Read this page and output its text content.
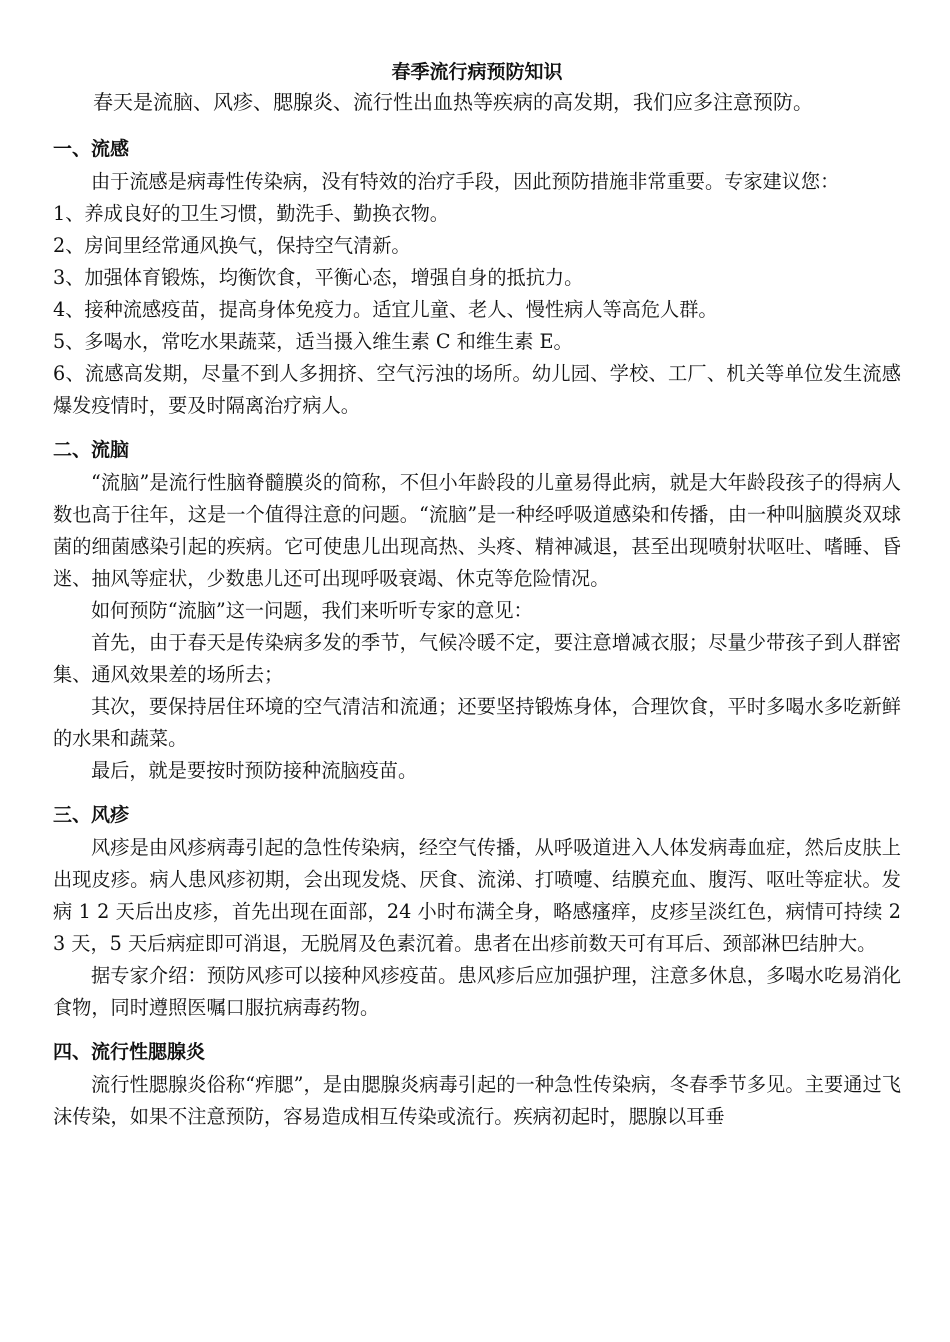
春季流行病预防知识
春天是流脑、风疹、腮腺炎、流行性出血热等疾病的高发期，我们应多注意预防。
一、流感
由于流感是病毒性传染病，没有特效的治疗手段，因此预防措施非常重要。专家建议您：
1、养成良好的卫生习惯，勤洗手、勤换衣物。
2、房间里经常通风换气，保持空气清新。
3、加强体育锻炼，均衡饮食，平衡心态，增强自身的抵抗力。
4、接种流感疫苗，提高身体免疫力。适宜儿童、老人、慢性病人等高危人群。
5、多喝水，常吃水果蔬菜，适当摄入维生素 C 和维生素 E。
6、流感高发期，尽量不到人多拥挤、空气污浊的场所。幼儿园、学校、工厂、机关等单位发生流感爆发疫情时，要及时隔离治疗病人。
二、流脑
“流脑”是流行性脑脊髓膜炎的简称，不但小年龄段的儿童易得此病，就是大年龄段孩子的得病人数也高于往年，这是一个值得注意的问题。“流脑”是一种经呼吸道感染和传播，由一种叫脑膜炎双球菌的细菌感染引起的疾病。它可使患儿出现高热、头疼、精神减退，甚至出现喷射状呕吐、嗜睡、昏迷、抽风等症状，少数患儿还可出现呼吸衰竭、休克等危险情况。
如何预防“流脑”这一问题，我们来听听专家的意见：
首先，由于春天是传染病多发的季节，气候冷暖不定，要注意增减衣服；尽量少带孩子到人群密集、通风效果差的场所去；
其次，要保持居住环境的空气清洁和流通；还要坚持锻炼身体，合理饮食，平时多喝水多吃新鲜的水果和蔬菜。
最后，就是要按时预防接种流脑疫苗。
三、风疹
风疹是由风疹病毒引起的急性传染病，经空气传播，从呼吸道进入人体发病毒血症，然后皮肤上出现皮疹。病人患风疹初期，会出现发烧、厌食、流涕、打喷嚏、结膜充血、腹泻、呕吐等症状。发病 1 2 天后出皮疹，首先出现在面部，24 小时布满全身，略感瘙痒，皮疹呈淡红色，病情可持续 2 3 天，5 天后病症即可消退，无脱屑及色素沉着。患者在出疹前数天可有耳后、颈部淋巴结肿大。
据专家介绍：预防风疹可以接种风疹疫苗。患风疹后应加强护理，注意多休息，多喝水吃易消化食物，同时遵照医嘱口服抗病毒药物。
四、流行性腮腺炎
流行性腮腺炎俗称“痄腮”，是由腮腺炎病毒引起的一种急性传染病，冬春季节多见。主要通过飞沫传染，如果不注意预防，容易造成相互传染或流行。疾病初起时，腮腺以耳垂
